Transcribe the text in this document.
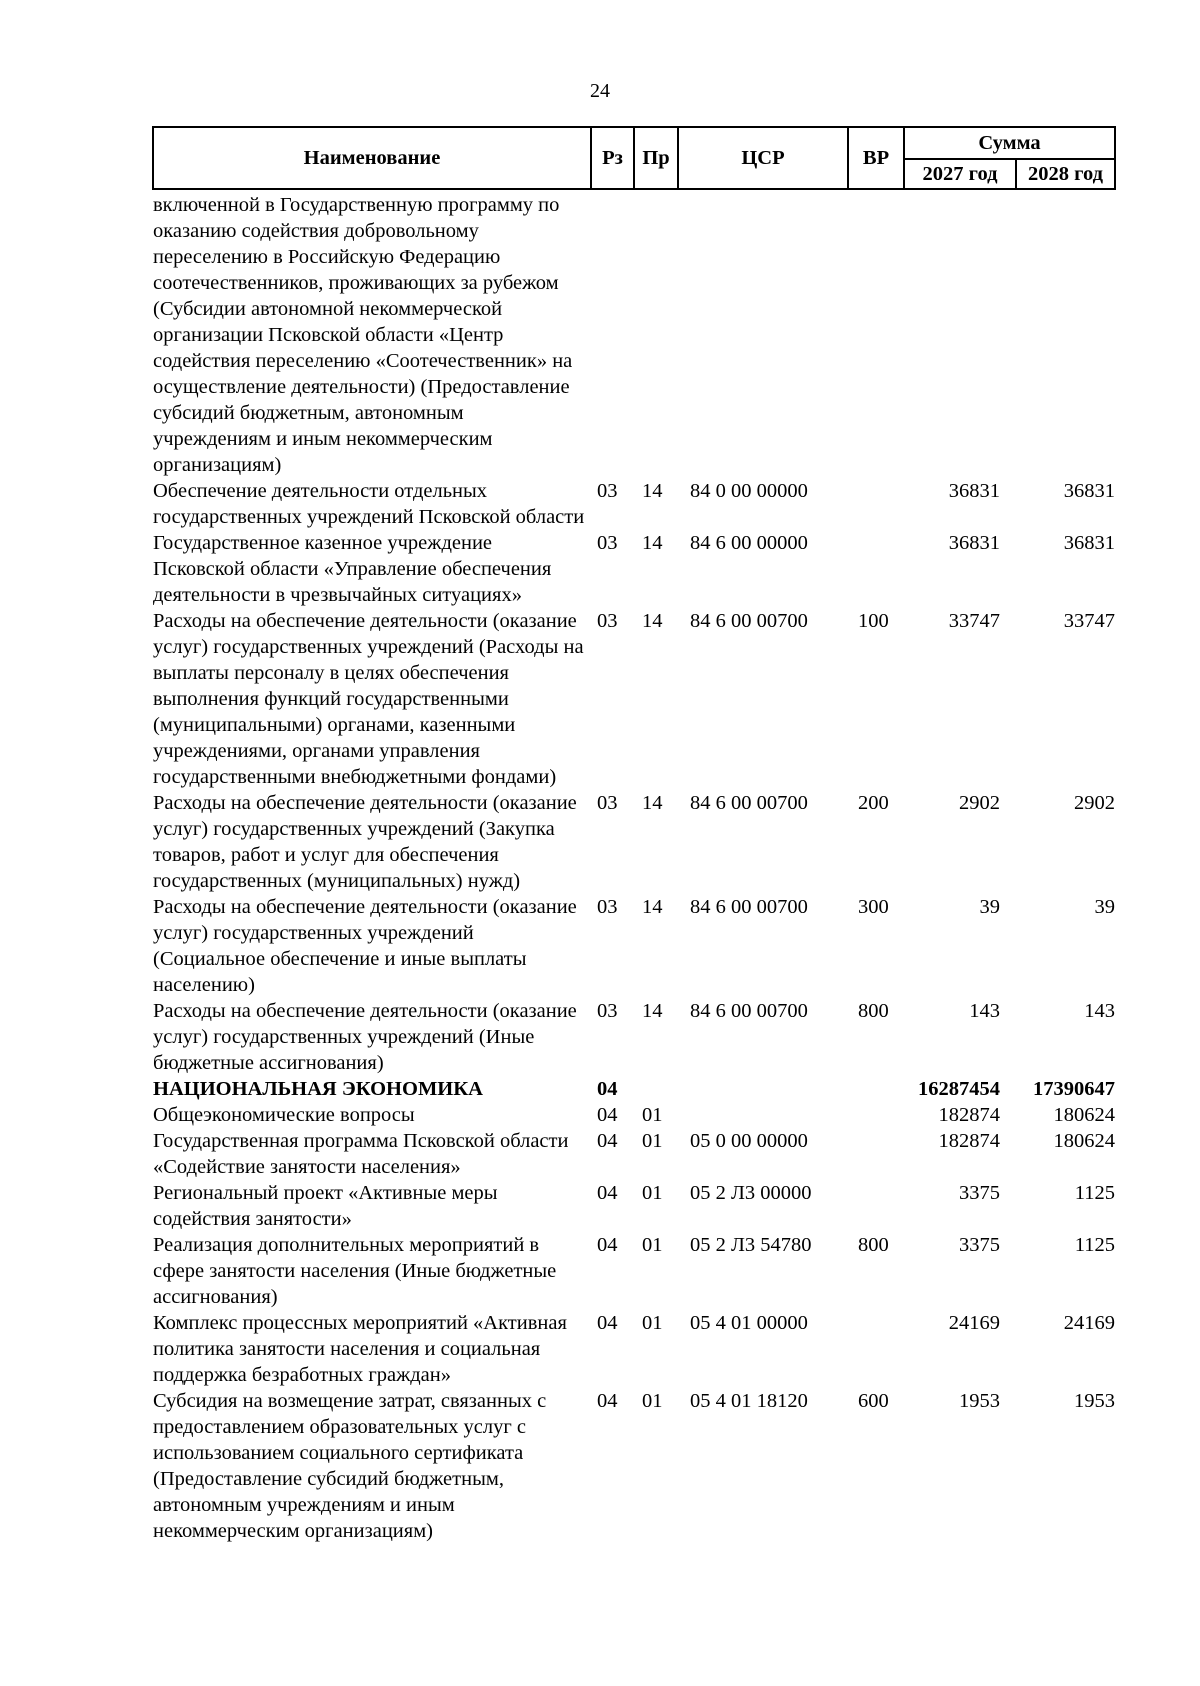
24
Наименование	Рз	Пр	ЦСР	ВР	Сумма	
					2027 год	2028 год
включенной в Государственную программу по оказанию содействия добровольному переселению в Российскую Федерацию соотечественников, проживающих за рубежом (Субсидии автономной некоммерческой организации Псковской области «Центр содействия переселению «Соотечественник» на осуществление деятельности) (Предоставление субсидий бюджетным, автономным учреждениям и иным некоммерческим организациям)						
Обеспечение деятельности отдельных государственных учреждений Псковской области	03	14	84 0 00 00000		36831	36831
Государственное казенное учреждение Псковской области «Управление обеспечения деятельности в чрезвычайных ситуациях»	03	14	84 6 00 00000		36831	36831
Расходы на обеспечение деятельности (оказание услуг) государственных учреждений (Расходы на выплаты персоналу в целях обеспечения выполнения функций государственными (муниципальными) органами, казенными учреждениями, органами управления государственными внебюджетными фондами)	03	14	84 6 00 00700	100	33747	33747
Расходы на обеспечение деятельности (оказание услуг) государственных учреждений (Закупка товаров, работ и услуг для обеспечения государственных (муниципальных) нужд)	03	14	84 6 00 00700	200	2902	2902
Расходы на обеспечение деятельности (оказание услуг) государственных учреждений (Социальное обеспечение и иные выплаты населению)	03	14	84 6 00 00700	300	39	39
Расходы на обеспечение деятельности (оказание услуг) государственных учреждений (Иные бюджетные ассигнования)	03	14	84 6 00 00700	800	143	143
НАЦИОНАЛЬНАЯ ЭКОНОМИКА	04				16287454	17390647
Общеэкономические вопросы	04	01			182874	180624
Государственная программа Псковской области «Содействие занятости населения»	04	01	05 0 00 00000		182874	180624
Региональный проект «Активные меры содействия занятости»	04	01	05 2 Л3 00000		3375	1125
Реализация дополнительных мероприятий в сфере занятости населения (Иные бюджетные ассигнования)	04	01	05 2 Л3 54780	800	3375	1125
Комплекс процессных мероприятий «Активная политика занятости населения и социальная поддержка безработных граждан»	04	01	05 4 01 00000		24169	24169
Субсидия на возмещение затрат, связанных с предоставлением образовательных услуг с использованием социального сертификата (Предоставление субсидий бюджетным, автономным учреждениям и иным некоммерческим организациям)	04	01	05 4 01 18120	600	1953	1953
